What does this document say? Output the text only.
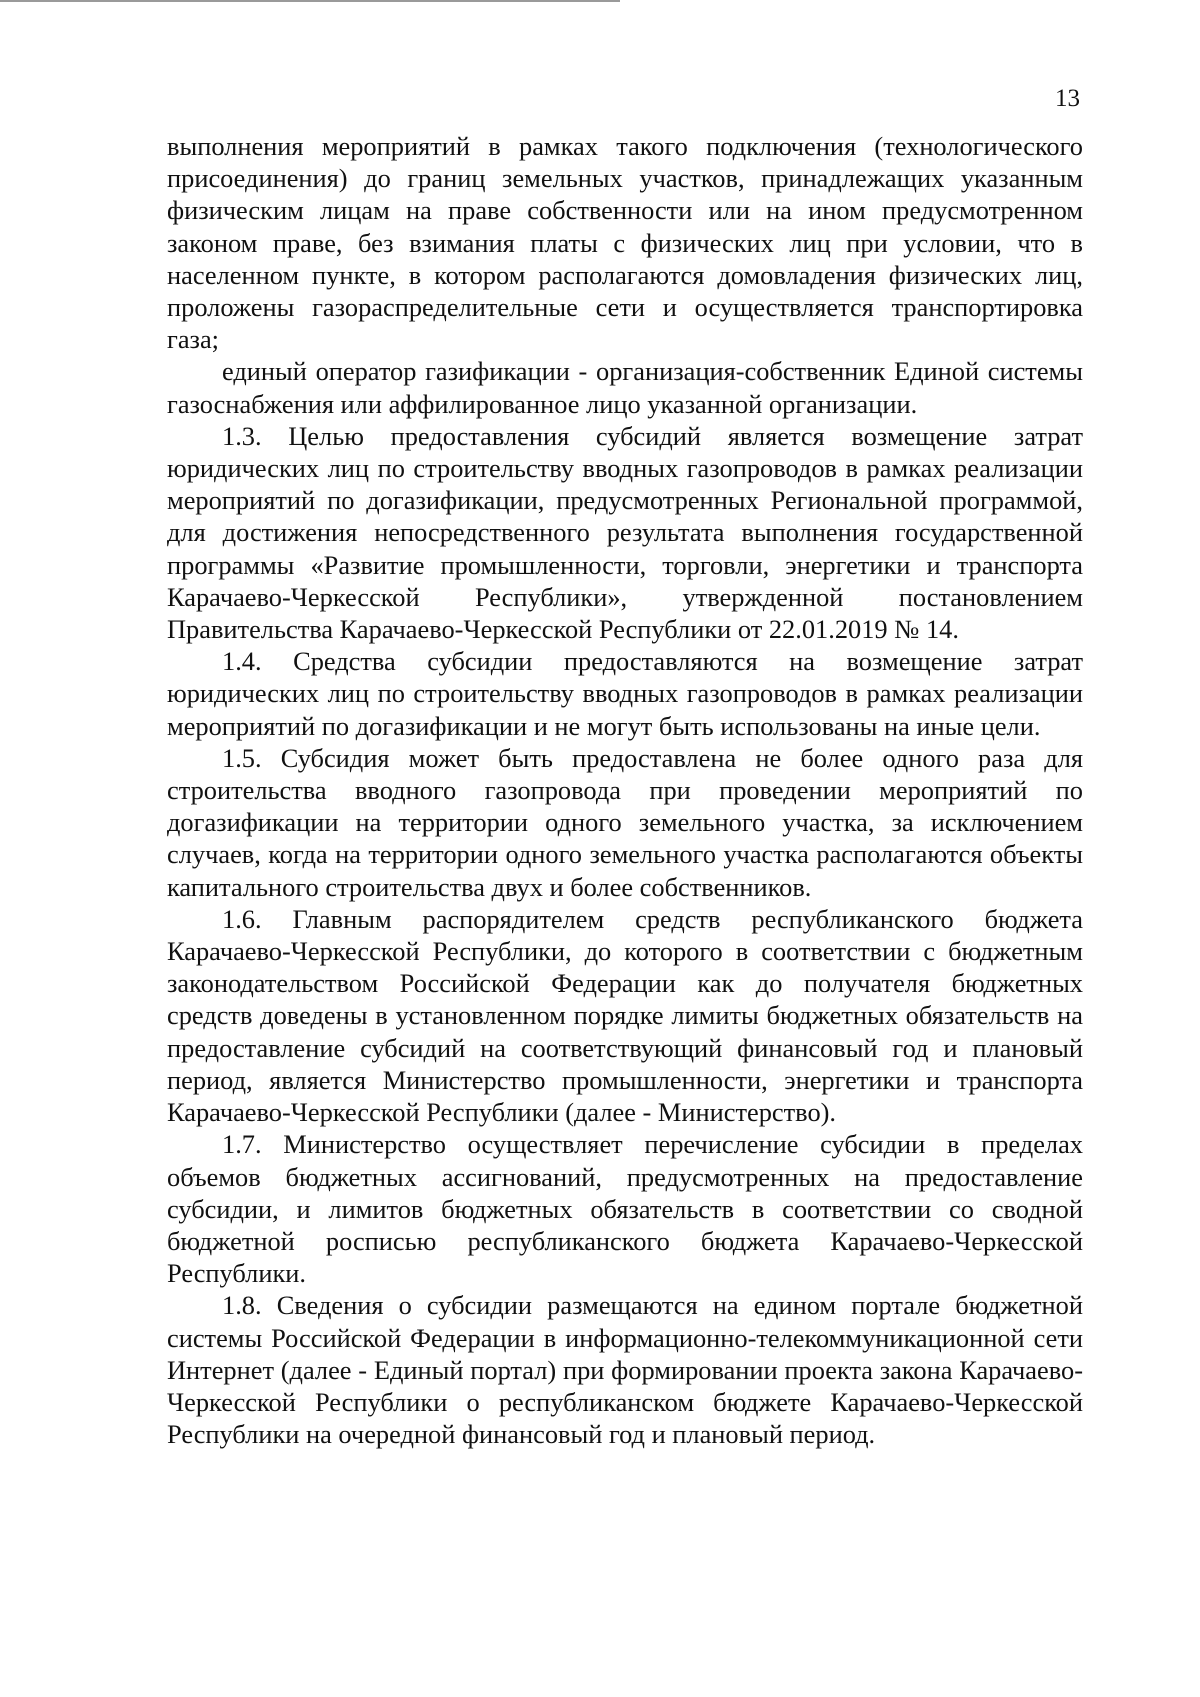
13

выполнения мероприятий в рамках такого подключения (технологического присоединения) до границ земельных участков, принадлежащих указанным физическим лицам на праве собственности или на ином предусмотренном законом праве, без взимания платы с физических лиц при условии, что в населенном пункте, в котором располагаются домовладения физических лиц, проложены газораспределительные сети и осуществляется транспортировка газа;

единый оператор газификации - организация-собственник Единой системы газоснабжения или аффилированное лицо указанной организации.

1.3. Целью предоставления субсидий является возмещение затрат юридических лиц по строительству вводных газопроводов в рамках реализации мероприятий по догазификации, предусмотренных Региональной программой, для достижения непосредственного результата выполнения государственной программы «Развитие промышленности, торговли, энергетики и транспорта Карачаево-Черкесской Республики», утвержденной постановлением Правительства Карачаево-Черкесской Республики от 22.01.2019 № 14.

1.4. Средства субсидии предоставляются на возмещение затрат юридических лиц по строительству вводных газопроводов в рамках реализации мероприятий по догазификации и не могут быть использованы на иные цели.

1.5. Субсидия может быть предоставлена не более одного раза для строительства вводного газопровода при проведении мероприятий по догазификации на территории одного земельного участка, за исключением случаев, когда на территории одного земельного участка располагаются объекты капитального строительства двух и более собственников.

1.6. Главным распорядителем средств республиканского бюджета Карачаево-Черкесской Республики, до которого в соответствии с бюджетным законодательством Российской Федерации как до получателя бюджетных средств доведены в установленном порядке лимиты бюджетных обязательств на предоставление субсидий на соответствующий финансовый год и плановый период, является Министерство промышленности, энергетики и транспорта Карачаево-Черкесской Республики (далее - Министерство).

1.7. Министерство осуществляет перечисление субсидии в пределах объемов бюджетных ассигнований, предусмотренных на предоставление субсидии, и лимитов бюджетных обязательств в соответствии со сводной бюджетной росписью республиканского бюджета Карачаево-Черкесской Республики.

1.8. Сведения о субсидии размещаются на едином портале бюджетной системы Российской Федерации в информационно-телекоммуникационной сети Интернет (далее - Единый портал) при формировании проекта закона Карачаево-Черкесской Республики о республиканском бюджете Карачаево-Черкесской Республики на очередной финансовый год и плановый период.
